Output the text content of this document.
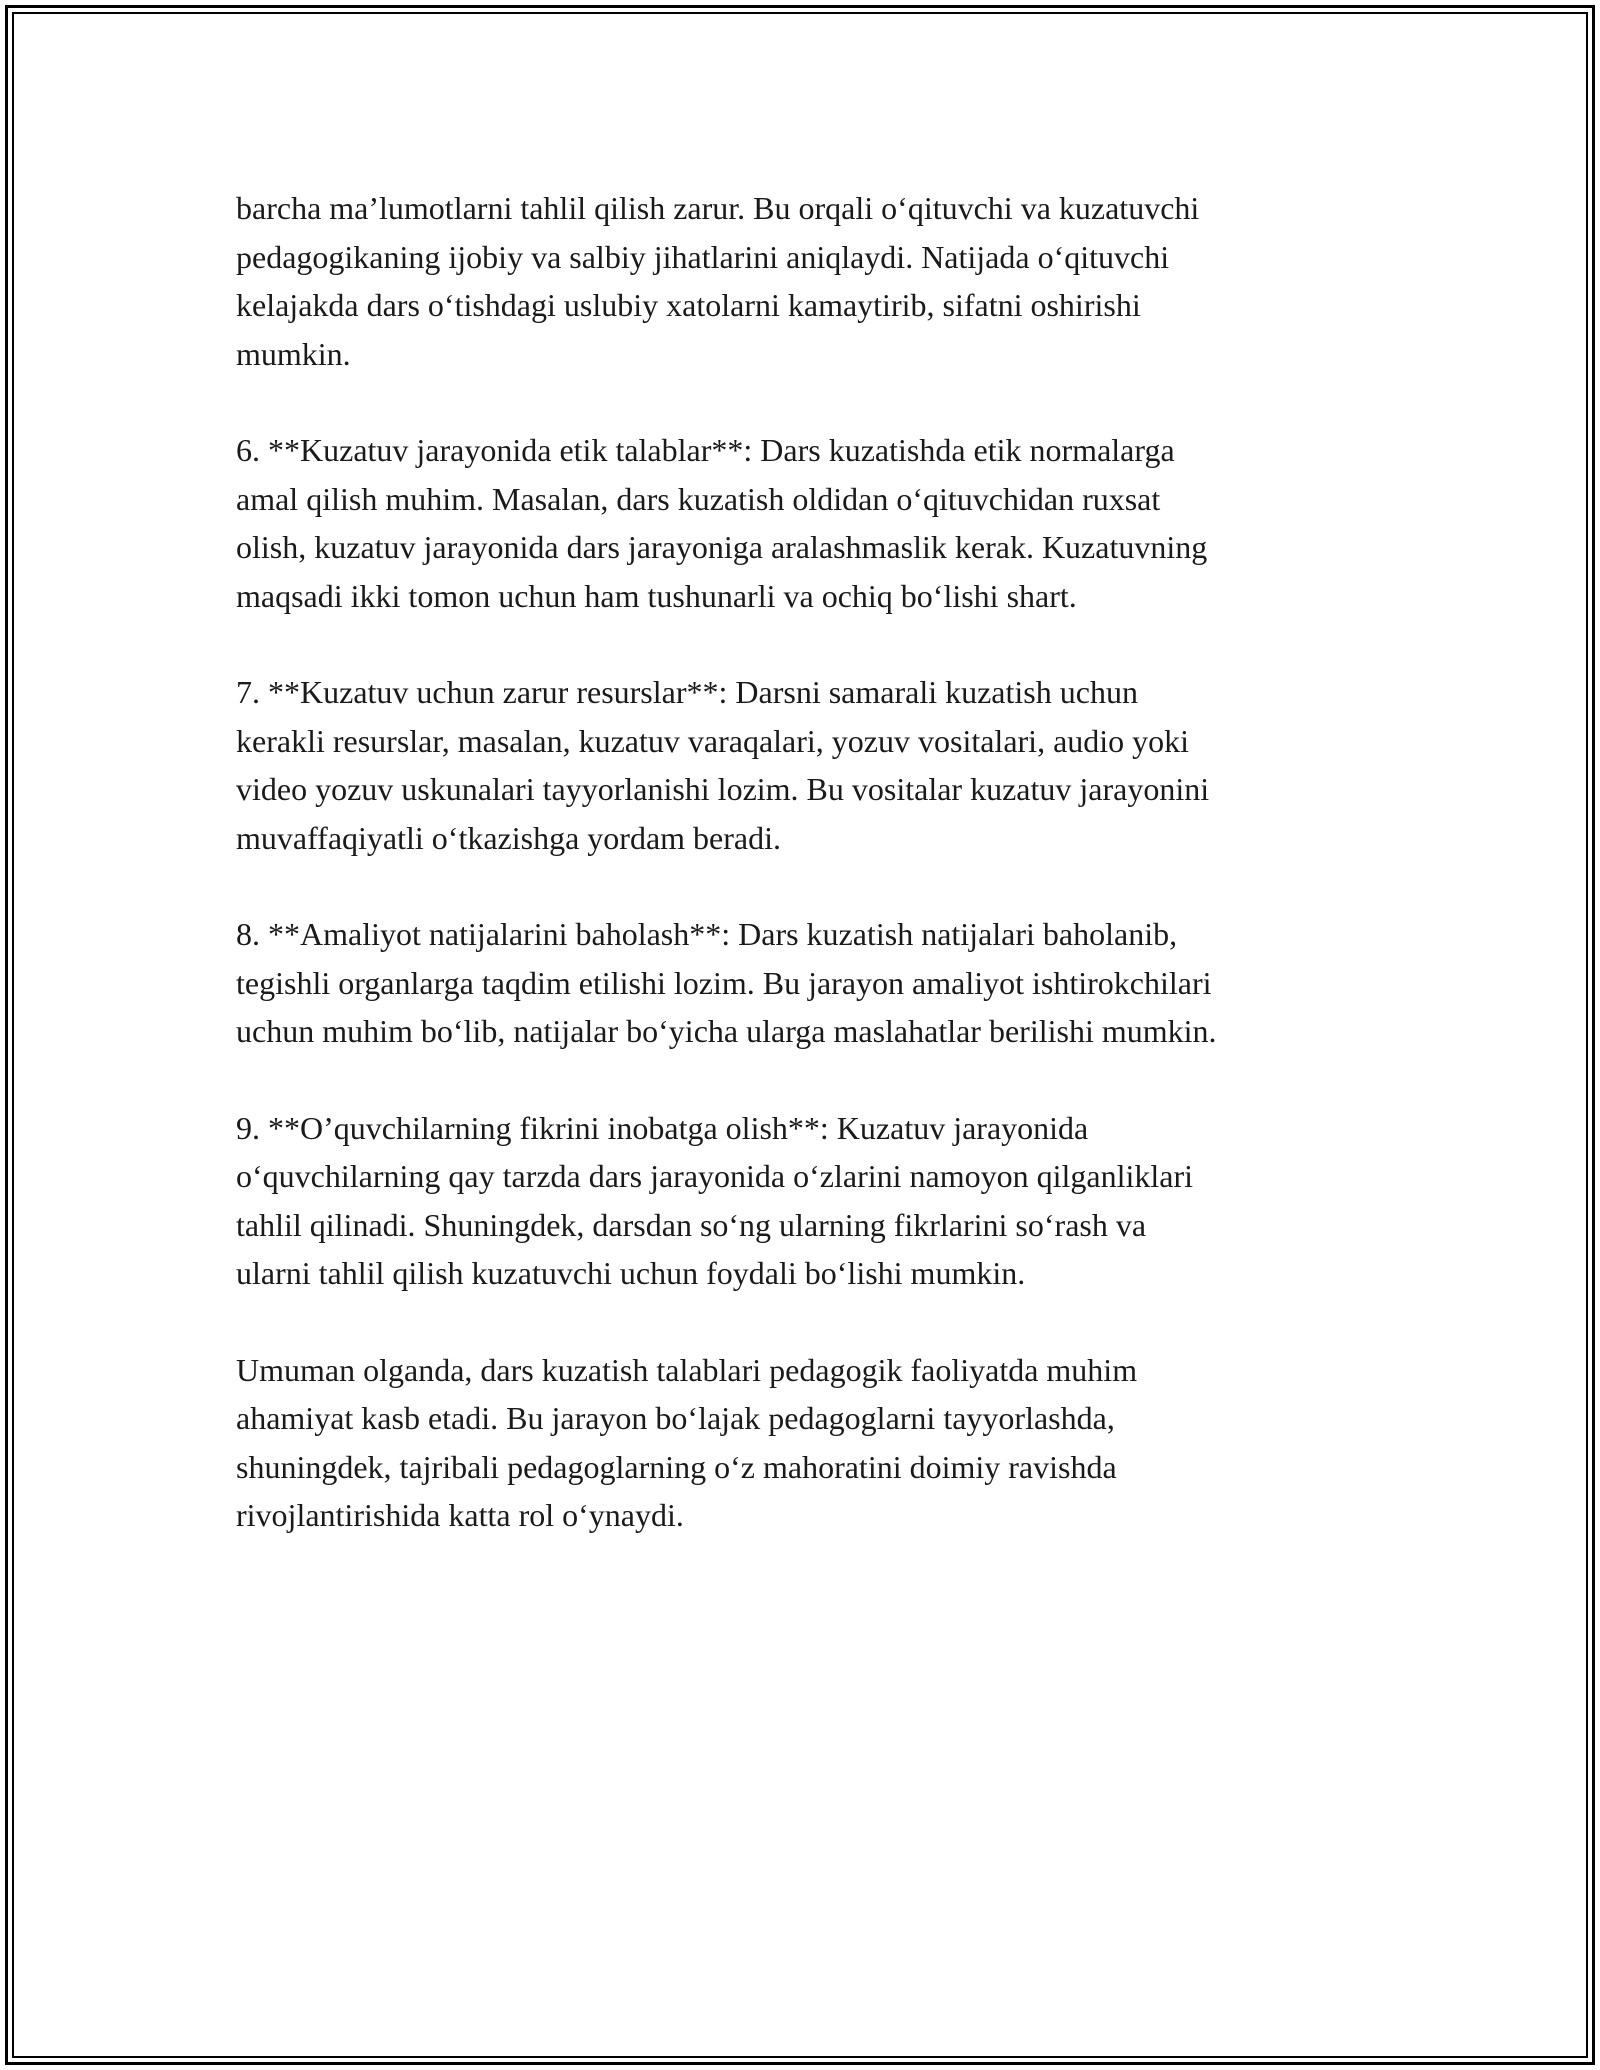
barcha ma’lumotlarni tahlil qilish zarur. Bu orqali o‘qituvchi va kuzatuvchi
pedagogikaning ijobiy va salbiy jihatlarini aniqlaydi. Natijada o‘qituvchi
kelajakda dars o‘tishdagi uslubiy xatolarni kamaytirib, sifatni oshirishi
mumkin.

6. **Kuzatuv jarayonida etik talablar**: Dars kuzatishda etik normalarga
amal qilish muhim. Masalan, dars kuzatish oldidan o‘qituvchidan ruxsat
olish, kuzatuv jarayonida dars jarayoniga aralashmaslik kerak. Kuzatuvning
maqsadi ikki tomon uchun ham tushunarli va ochiq bo‘lishi shart.

7. **Kuzatuv uchun zarur resurslar**: Darsni samarali kuzatish uchun
kerakli resurslar, masalan, kuzatuv varaqalari, yozuv vositalari, audio yoki
video yozuv uskunalari tayyorlanishi lozim. Bu vositalar kuzatuv jarayonini
muvaffaqiyatli o‘tkazishga yordam beradi.

8. **Amaliyot natijalarini baholash**: Dars kuzatish natijalari baholanib,
tegishli organlarga taqdim etilishi lozim. Bu jarayon amaliyot ishtirokchilari
uchun muhim bo‘lib, natijalar bo‘yicha ularga maslahatlar berilishi mumkin.

9. **O’quvchilarning fikrini inobatga olish**: Kuzatuv jarayonida
o‘quvchilarning qay tarzda dars jarayonida o‘zlarini namoyon qilganliklari
tahlil qilinadi. Shuningdek, darsdan so‘ng ularning fikrlarini so‘rash va
ularni tahlil qilish kuzatuvchi uchun foydali bo‘lishi mumkin.

Umuman olganda, dars kuzatish talablari pedagogik faoliyatda muhim
ahamiyat kasb etadi. Bu jarayon bo‘lajak pedagoglarni tayyorlashda,
shuningdek, tajribali pedagoglarning o‘z mahoratini doimiy ravishda
rivojlantirishida katta rol o‘ynaydi.
